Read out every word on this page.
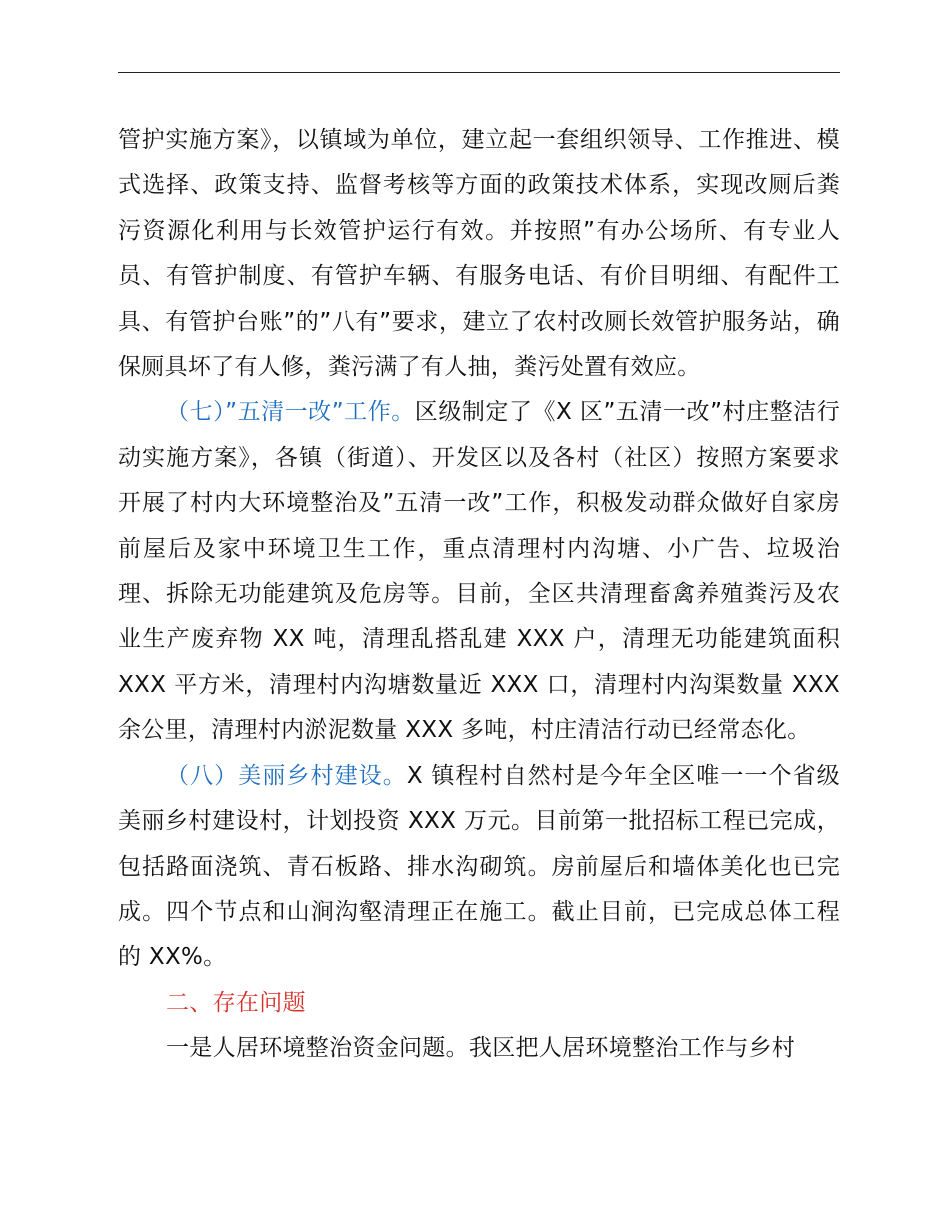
管护实施方案》，以镇域为单位，建立起一套组织领导、工作推进、模式选择、政策支持、监督考核等方面的政策技术体系，实现改厕后粪污资源化利用与长效管护运行有效。并按照”有办公场所、有专业人员、有管护制度、有管护车辆、有服务电话、有价目明细、有配件工具、有管护台账”的”八有”要求，建立了农村改厕长效管护服务站，确保厕具坏了有人修，粪污满了有人抽，粪污处置有效应。

（七）”五清一改”工作。区级制定了《X 区”五清一改”村庄整洁行动实施方案》，各镇（街道）、开发区以及各村（社区）按照方案要求开展了村内大环境整治及”五清一改”工作，积极发动群众做好自家房前屋后及家中环境卫生工作，重点清理村内沟塘、小广告、垃圾治理、拆除无功能建筑及危房等。目前，全区共清理畜禽养殖粪污及农业生产废弃物 XX 吨，清理乱搭乱建 XXX 户，清理无功能建筑面积 XXX 平方米，清理村内沟塘数量近 XXX 口，清理村内沟渠数量 XXX 余公里，清理村内淤泥数量 XXX 多吨，村庄清洁行动已经常态化。

（八）美丽乡村建设。X 镇程村自然村是今年全区唯一一个省级美丽乡村建设村，计划投资 XXX 万元。目前第一批招标工程已完成，包括路面浇筑、青石板路、排水沟砌筑。房前屋后和墙体美化也已完成。四个节点和山涧沟壑清理正在施工。截止目前，已完成总体工程的 XX%。

二、存在问题

一是人居环境整治资金问题。我区把人居环境整治工作与乡村
